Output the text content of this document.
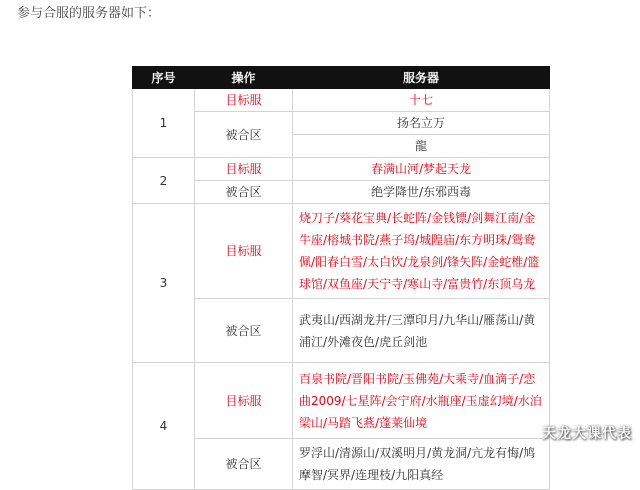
参与合服的服务器如下：
序号	操作	服务器
1	目标服	十七
	被合区	扬名立万
		龍
2	目标服	春满山河/梦起天龙
	被合区	绝学降世/东邪西毒
3	目标服	烧刀子/葵花宝典/长蛇阵/金钱镖/剑舞江南/金牛座/榕城书院/燕子坞/城隍庙/东方明珠/鸳鸯佩/阳春白雪/太白饮/龙泉剑/锋矢阵/金蛇椎/篮球馆/双鱼座/天宁寺/寒山寺/富贵竹/东顶乌龙
	被合区	武夷山/西湖龙井/三潭印月/九华山/雁荡山/黄浦江/外滩夜色/虎丘剑池
4	目标服	百泉书院/晋阳书院/玉佛苑/大乘寺/血滴子/恋曲2009/七星阵/会宁府/水瓶座/玉虚幻境/水泊梁山/马踏飞燕/蓬莱仙境
	被合区	罗浮山/清源山/双溪明月/黄龙洞/亢龙有悔/鸠摩智/冥界/连理枝/九阳真经
天龙大课代表
